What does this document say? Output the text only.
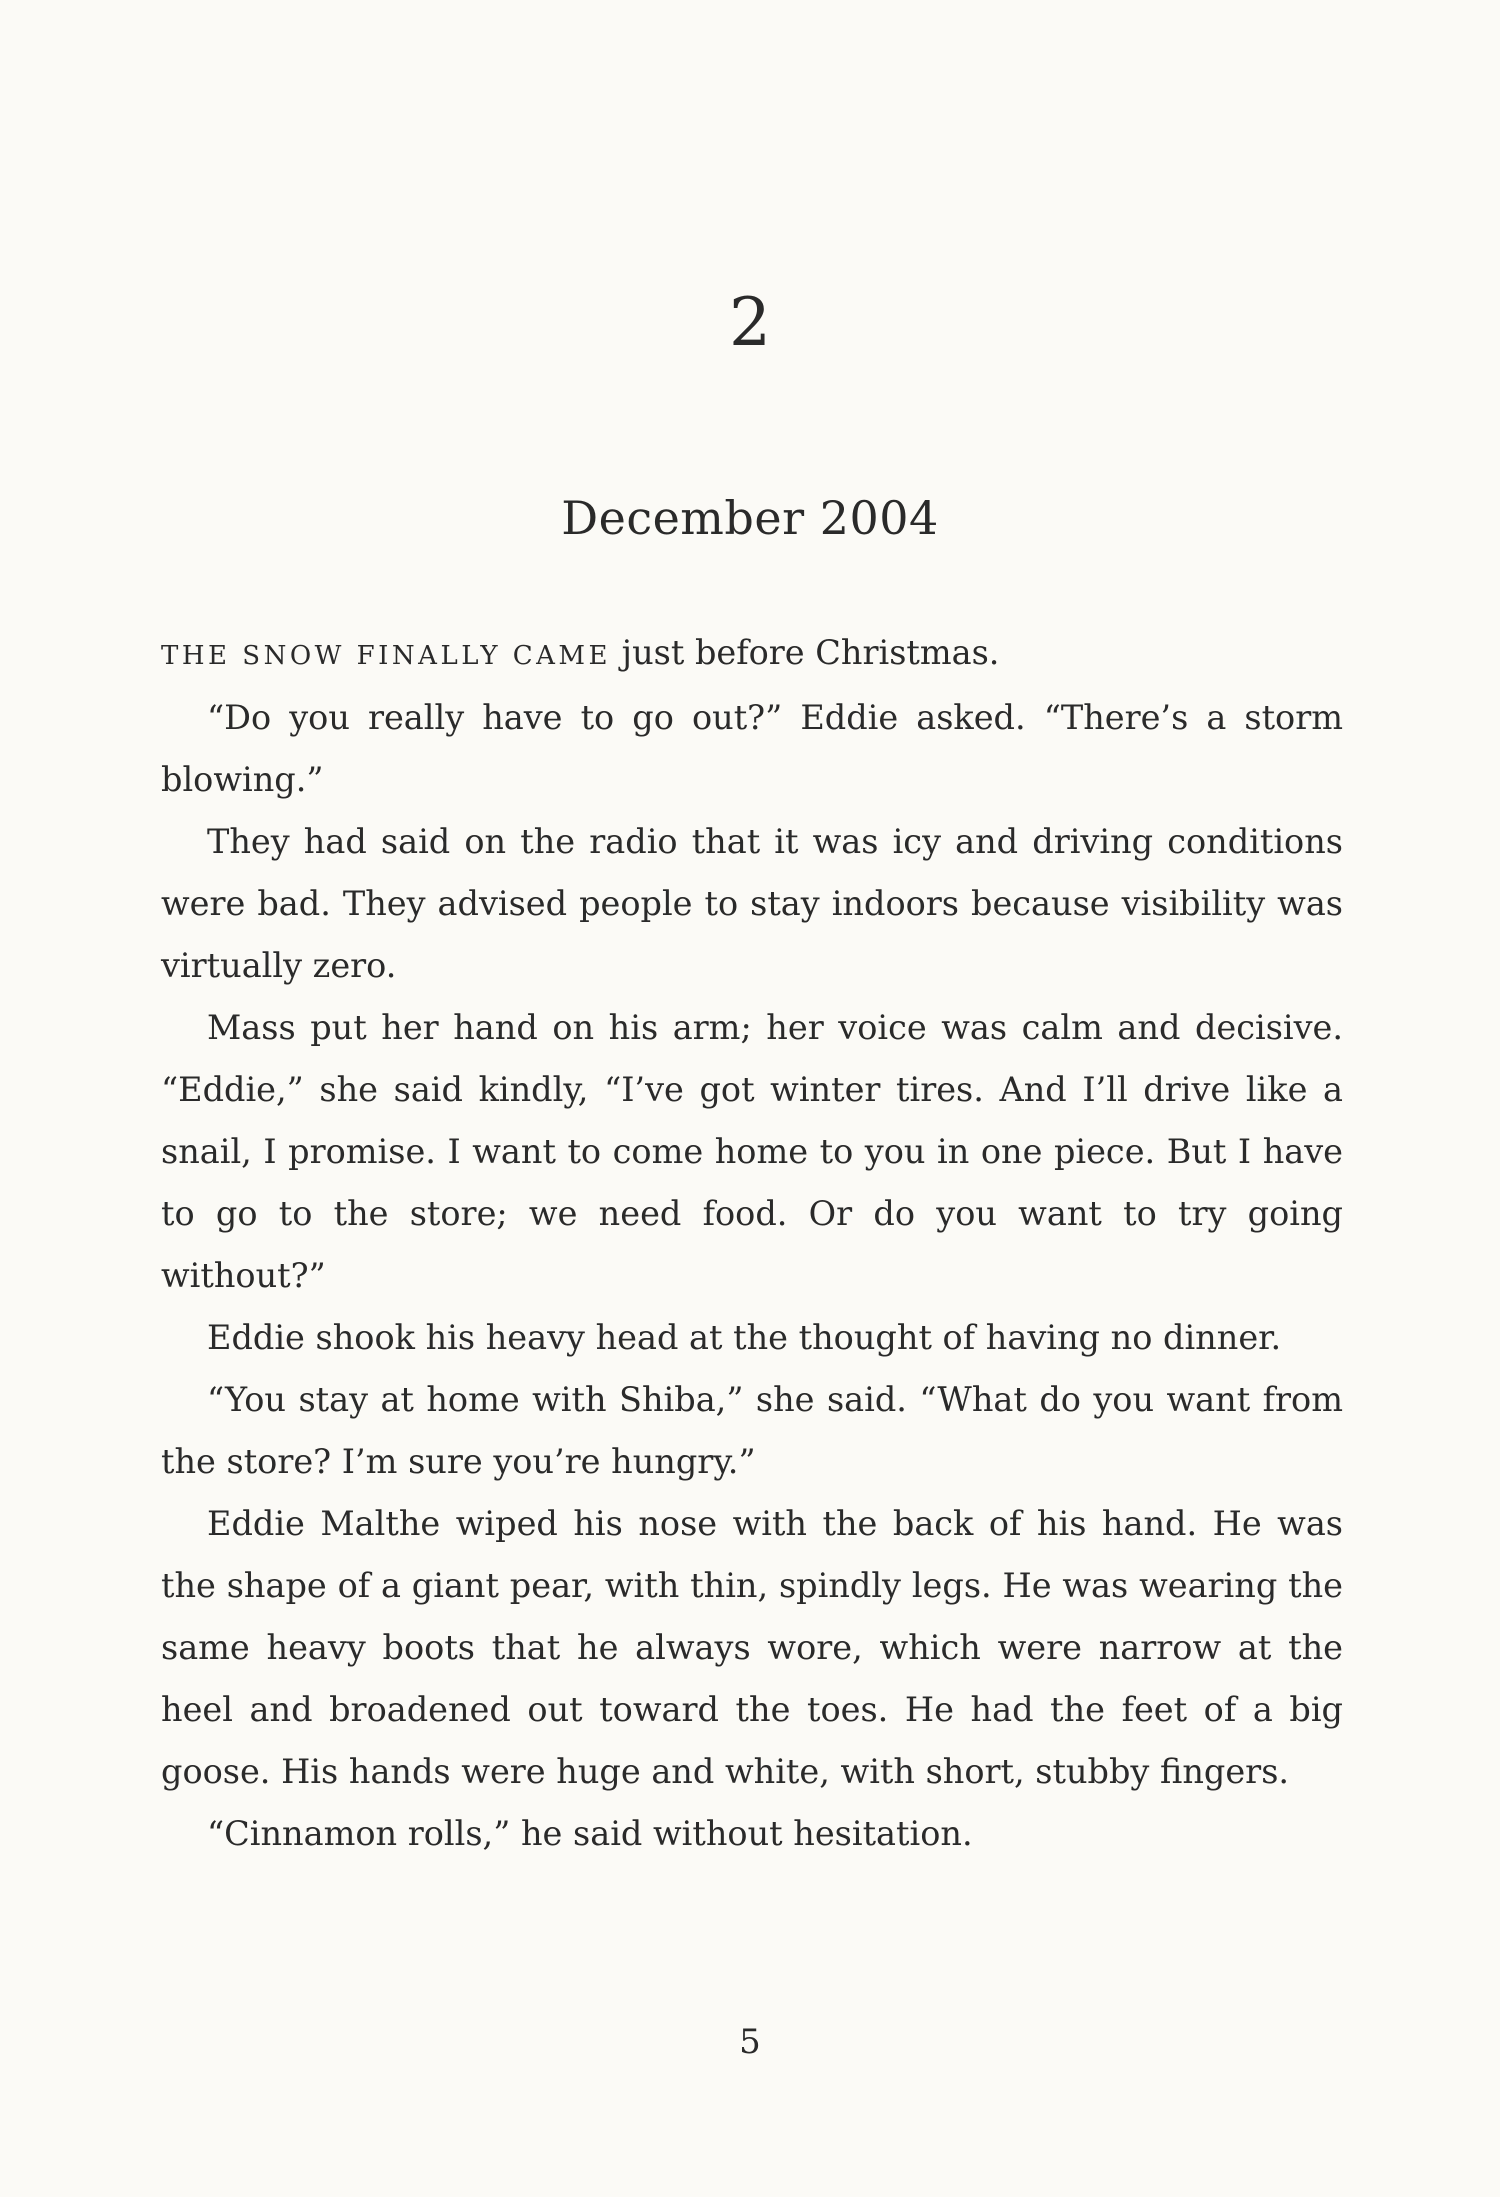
2
December 2004

THE SNOW FINALLY CAME just before Christmas.

“Do you really have to go out?” Eddie asked. “There’s a storm blowing.”

They had said on the radio that it was icy and driving conditions were bad. They advised people to stay indoors because visibility was virtually zero.

Mass put her hand on his arm; her voice was calm and decisive. “Eddie,” she said kindly, “I’ve got winter tires. And I’ll drive like a snail, I promise. I want to come home to you in one piece. But I have to go to the store; we need food. Or do you want to try going without?”

Eddie shook his heavy head at the thought of having no dinner.

“You stay at home with Shiba,” she said. “What do you want from the store? I’m sure you’re hungry.”

Eddie Malthe wiped his nose with the back of his hand. He was the shape of a giant pear, with thin, spindly legs. He was wearing the same heavy boots that he always wore, which were narrow at the heel and broadened out toward the toes. He had the feet of a big goose. His hands were huge and white, with short, stubby fingers.

“Cinnamon rolls,” he said without hesitation.

5
